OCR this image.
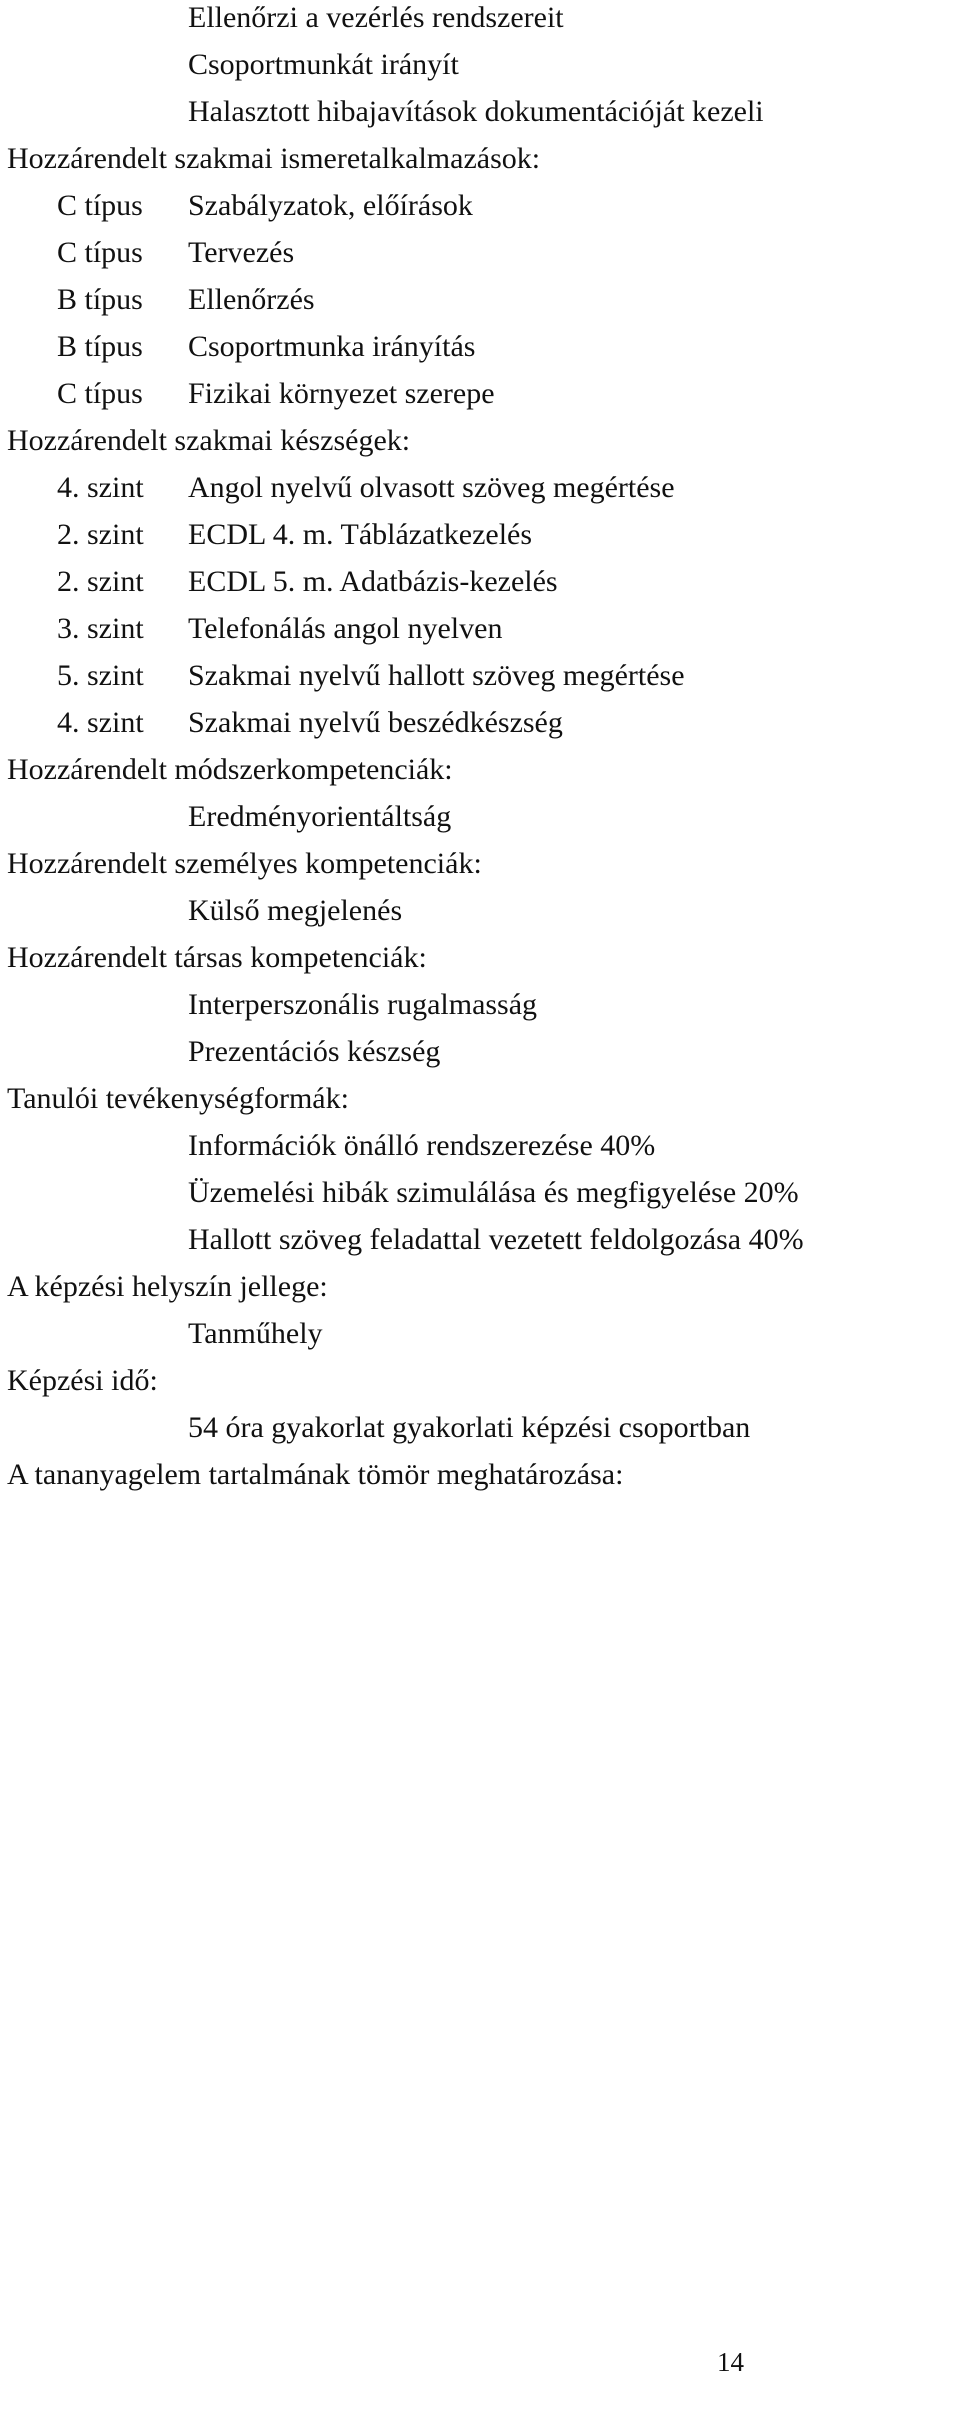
Ellenőrzi a vezérlés rendszereit
Csoportmunkát irányít
Halasztott hibajavítások dokumentációját kezeli
Hozzárendelt szakmai ismeretalkalmazások:
C típus Szabályzatok, előírások
C típus Tervezés
B típus Ellenőrzés
B típus Csoportmunka irányítás
C típus Fizikai környezet szerepe
Hozzárendelt szakmai készségek:
4. szint Angol nyelvű olvasott szöveg megértése
2. szint ECDL 4. m. Táblázatkezelés
2. szint ECDL 5. m. Adatbázis-kezelés
3. szint Telefonálás angol nyelven
5. szint Szakmai nyelvű hallott szöveg megértése
4. szint Szakmai nyelvű beszédkészség
Hozzárendelt módszerkompetenciák:
Eredményorientáltság
Hozzárendelt személyes kompetenciák:
Külső megjelenés
Hozzárendelt társas kompetenciák:
Interperszonális rugalmasság
Prezentációs készség
Tanulói tevékenységformák:
Információk önálló rendszerezése 40%
Üzemelési hibák szimulálása és megfigyelése 20%
Hallott szöveg feladattal vezetett feldolgozása 40%
A képzési helyszín jellege:
Tanműhely
Képzési idő:
54 óra gyakorlat gyakorlati képzési csoportban
A tananyagelem tartalmának tömör meghatározása:
14
